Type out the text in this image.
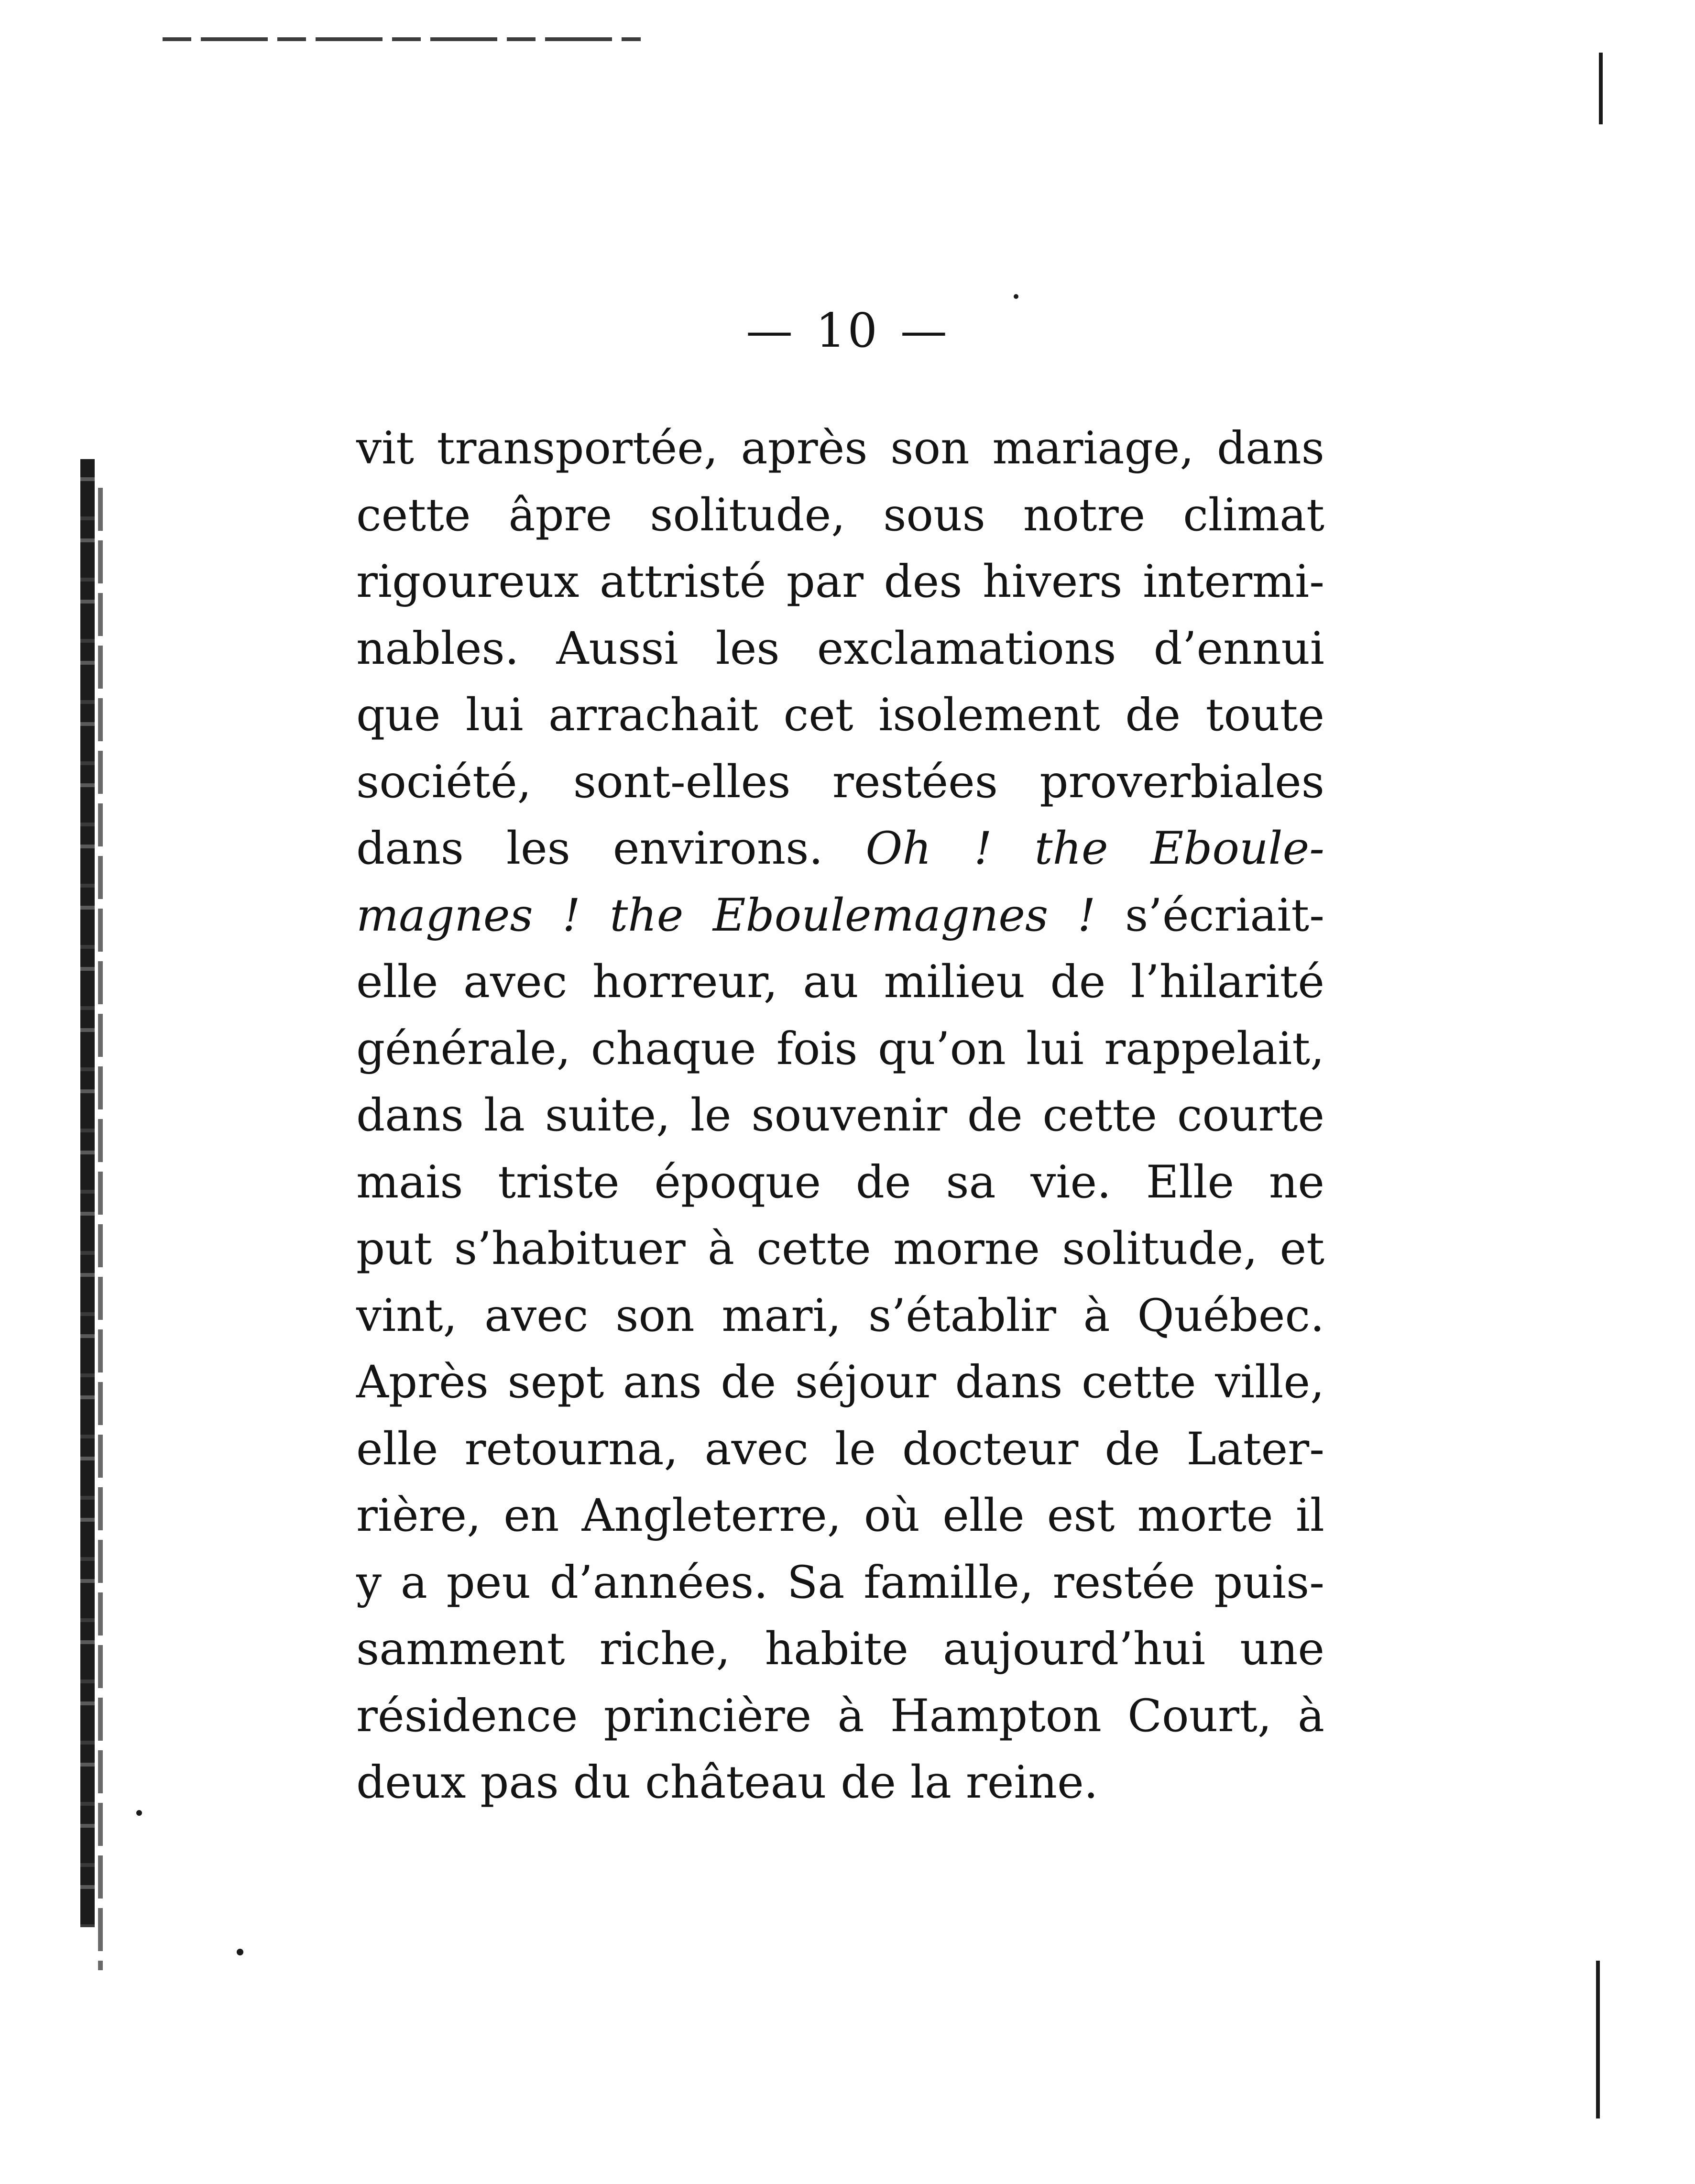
— 10 —
vit transportée, après son mariage, dans
cette âpre solitude, sous notre climat
rigoureux attristé par des hivers intermi-
nables. Aussi les exclamations d’ennui
que lui arrachait cet isolement de toute
société, sont-elles restées proverbiales
dans les environs. Oh ! the Eboule-
magnes ! the Eboulemagnes ! s’écriait-
elle avec horreur, au milieu de l’hilarité
générale, chaque fois qu’on lui rappelait,
dans la suite, le souvenir de cette courte
mais triste époque de sa vie. Elle ne
put s’habituer à cette morne solitude, et
vint, avec son mari, s’établir à Québec.
Après sept ans de séjour dans cette ville,
elle retourna, avec le docteur de Later-
rière, en Angleterre, où elle est morte il
y a peu d’années. Sa famille, restée puis-
samment riche, habite aujourd’hui une
résidence princière à Hampton Court, à
deux pas du château de la reine.
